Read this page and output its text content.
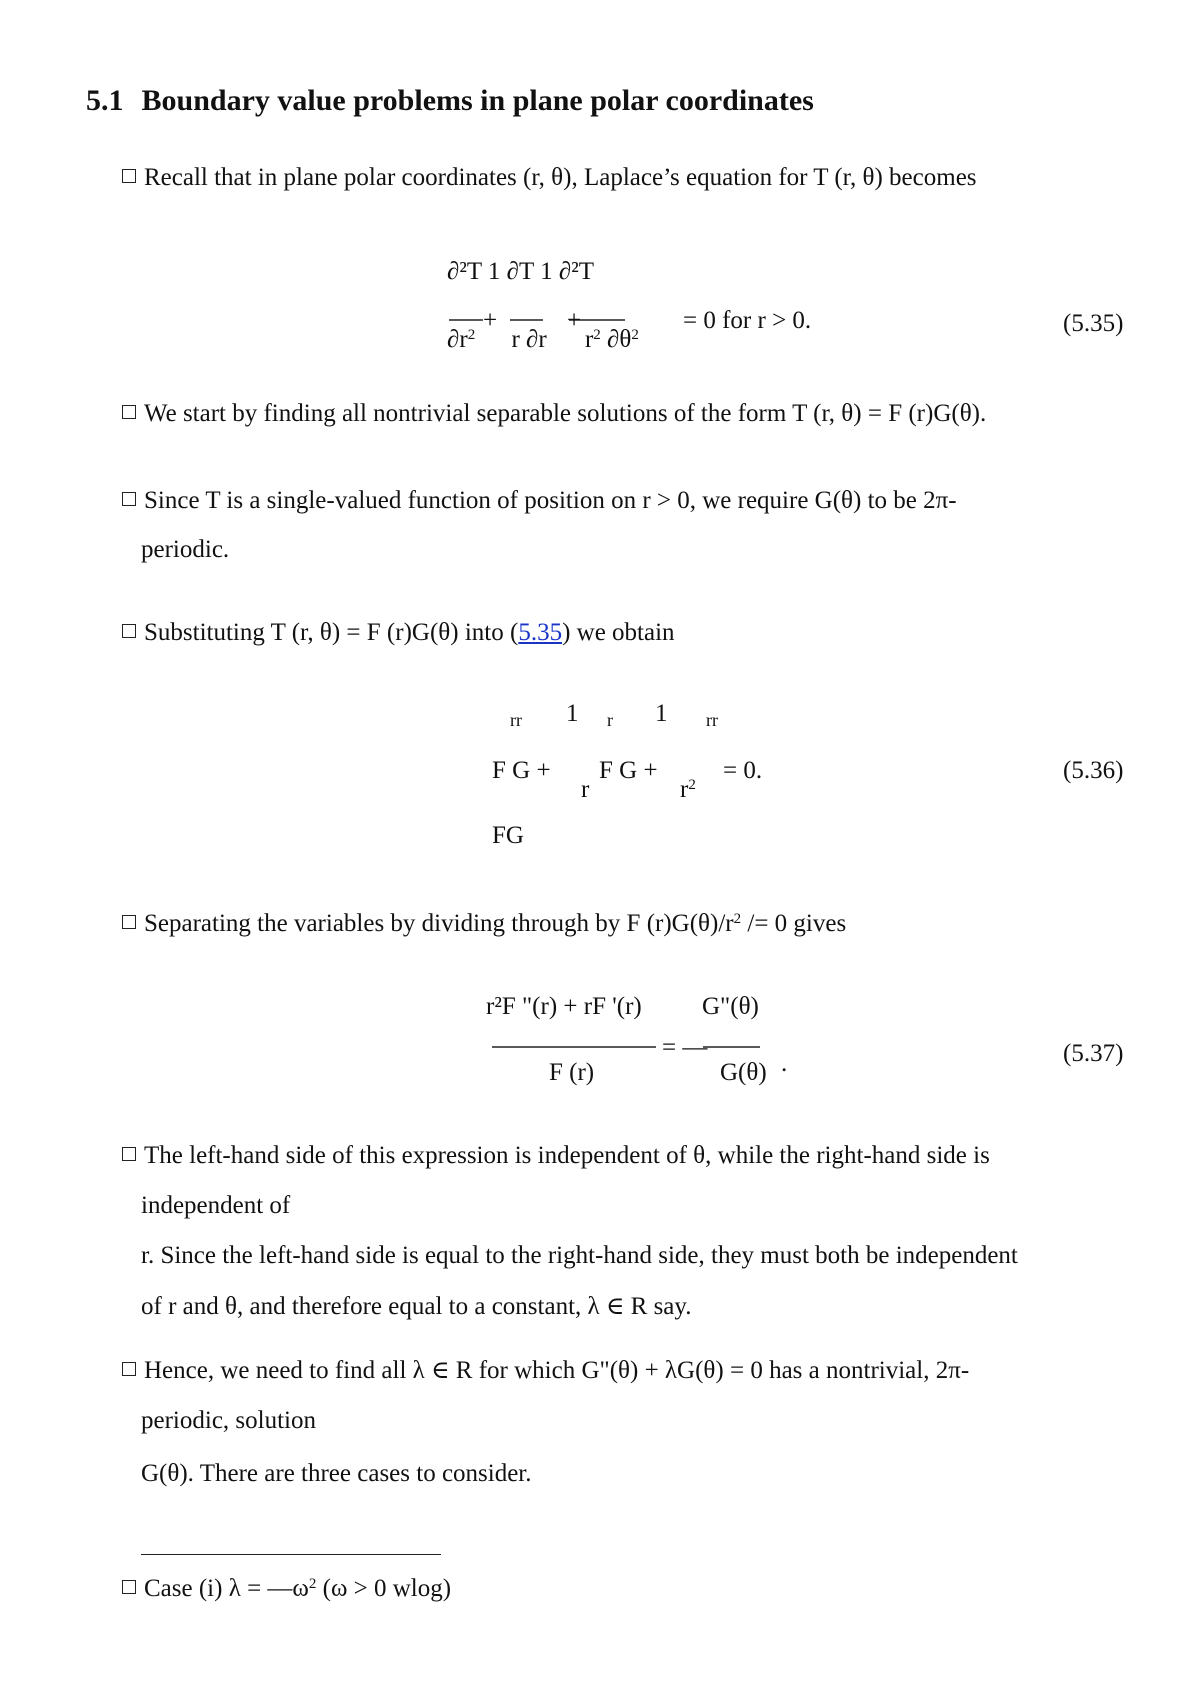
5.1 Boundary value problems in plane polar coordinates
Recall that in plane polar coordinates (r, θ), Laplace’s equation for T (r, θ) becomes
∂²T 1 ∂T 1 ∂²T
+	+	= 0 for r > 0.
$\partial r^2$ r ∂r $r^2$ $\partial\theta^2$	(5.35)
We start by finding all nontrivial separable solutions of the form T (r, θ) = F (r)G(θ).
Since T is a single-valued function of position on r > 0, we require G(θ) to be 2π-
periodic.
Substituting T (r, θ) = F (r)G(θ) into (5.35) we obtain
rr 1 r 1 rr
F G + F G +	= 0.
r	$r^2$
FG
(5.36)
Separating the variables by dividing through by F $(r)G(\theta)/r^2 /= 0$ gives
r²F "(r) + rF '(r) G"(θ)
= —
F (r)	G(θ) .	(5.37)
The left-hand side of this expression is independent of θ, while the right-hand side is
independent of
r. Since the left-hand side is equal to the right-hand side, they must both be independent
of r and θ, and therefore equal to a constant, λ ∈ R say.
Hence, we need to find all λ ∈ R for which G"(θ) + λG(θ) = 0 has a nontrivial, 2π-
periodic, solution
G(θ). There are three cases to consider.
Case (i) $\lambda = —\omega^2$ (ω > 0 wlog)
